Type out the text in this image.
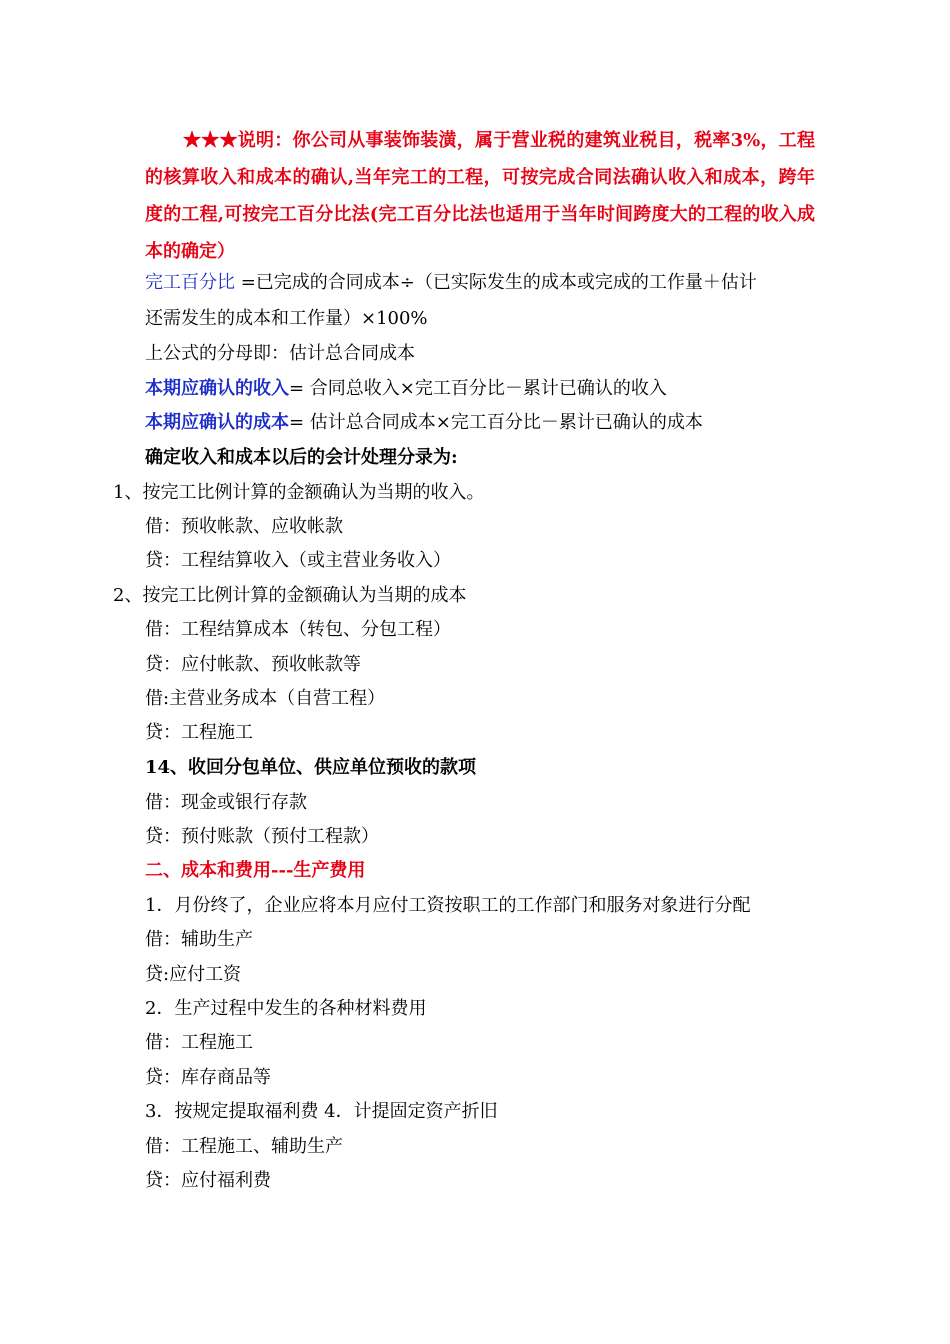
★★★说明：你公司从事装饰装潢，属于营业税的建筑业税目，税率3%，工程的核算收入和成本的确认,当年完工的工程，可按完成合同法确认收入和成本，跨年度的工程,可按完工百分比法(完工百分比法也适用于当年时间跨度大的工程的收入成本的确定）
完工百分比 =已完成的合同成本÷（已实际发生的成本或完成的工作量＋估计
还需发生的成本和工作量）×100%
上公式的分母即：估计总合同成本
本期应确认的收入= 合同总收入×完工百分比－累计已确认的收入
本期应确认的成本= 估计总合同成本×完工百分比－累计已确认的成本
确定收入和成本以后的会计处理分录为:
1、按完工比例计算的金额确认为当期的收入。
借：预收帐款、应收帐款
贷：工程结算收入（或主营业务收入）
2、按完工比例计算的金额确认为当期的成本
借：工程结算成本（转包、分包工程）
贷：应付帐款、预收帐款等
借:主营业务成本（自营工程）
贷：工程施工
14、收回分包单位、供应单位预收的款项
借：现金或银行存款
贷：预付账款（预付工程款）
二、成本和费用---生产费用
1．月份终了，企业应将本月应付工资按职工的工作部门和服务对象进行分配
借：辅助生产
贷:应付工资
2．生产过程中发生的各种材料费用
借：工程施工
贷：库存商品等
3．按规定提取福利费 4．计提固定资产折旧
借：工程施工、辅助生产
贷：应付福利费
